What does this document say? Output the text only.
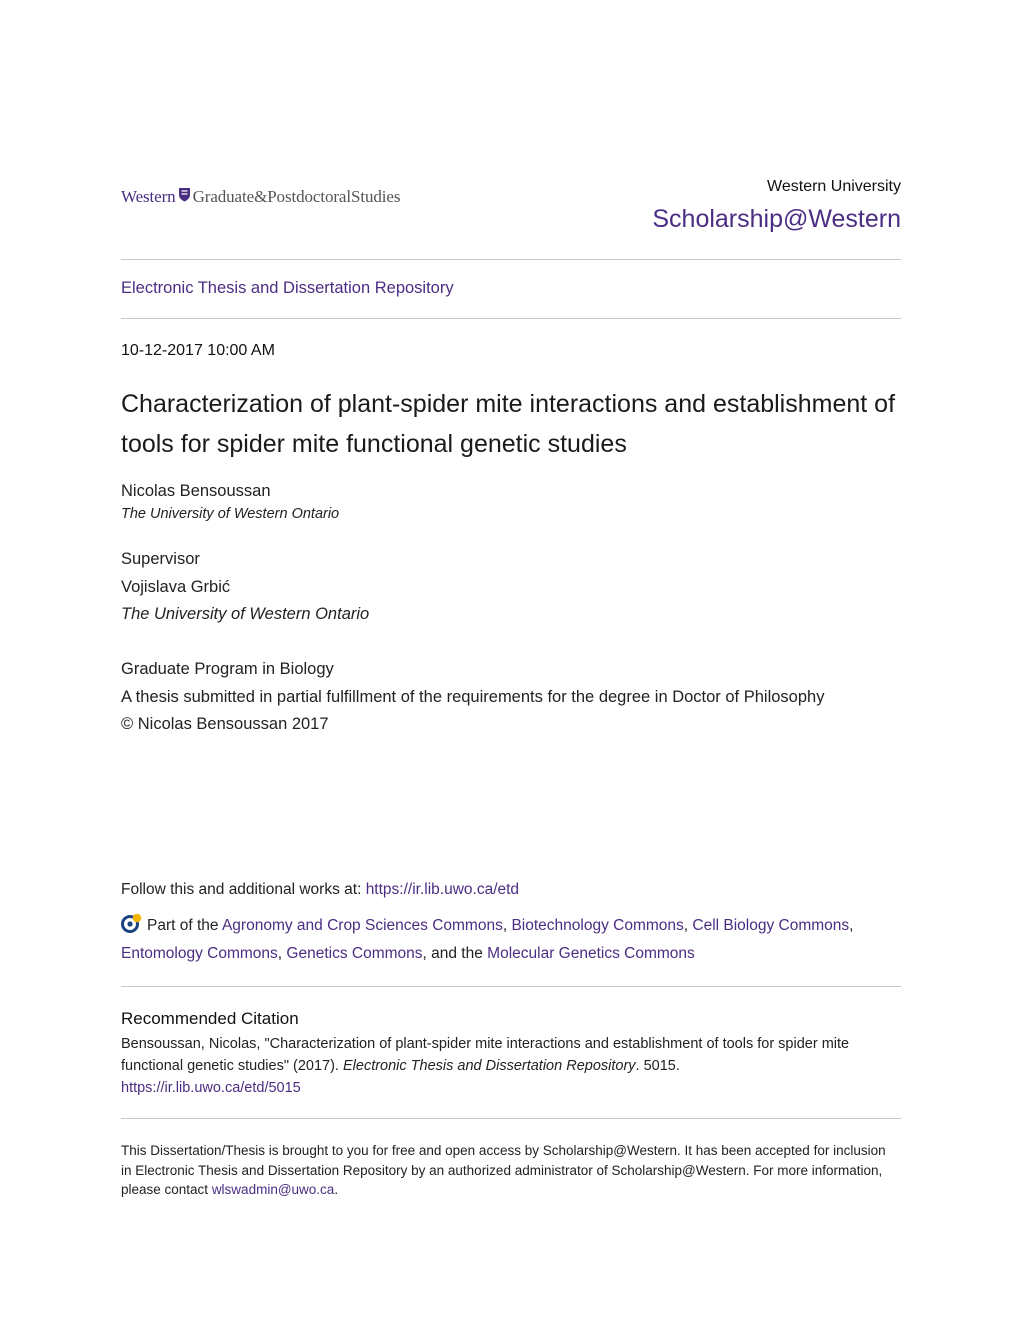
Western Graduate&PostdoctoralStudies
Western University
Scholarship@Western
Electronic Thesis and Dissertation Repository
10-12-2017 10:00 AM
Characterization of plant-spider mite interactions and establishment of tools for spider mite functional genetic studies
Nicolas Bensoussan
The University of Western Ontario
Supervisor
Vojislava Grbić
The University of Western Ontario
Graduate Program in Biology
A thesis submitted in partial fulfillment of the requirements for the degree in Doctor of Philosophy
© Nicolas Bensoussan 2017
Follow this and additional works at: https://ir.lib.uwo.ca/etd
Part of the Agronomy and Crop Sciences Commons, Biotechnology Commons, Cell Biology Commons, Entomology Commons, Genetics Commons, and the Molecular Genetics Commons
Recommended Citation
Bensoussan, Nicolas, "Characterization of plant-spider mite interactions and establishment of tools for spider mite functional genetic studies" (2017). Electronic Thesis and Dissertation Repository. 5015.
https://ir.lib.uwo.ca/etd/5015
This Dissertation/Thesis is brought to you for free and open access by Scholarship@Western. It has been accepted for inclusion in Electronic Thesis and Dissertation Repository by an authorized administrator of Scholarship@Western. For more information, please contact wlswadmin@uwo.ca.
